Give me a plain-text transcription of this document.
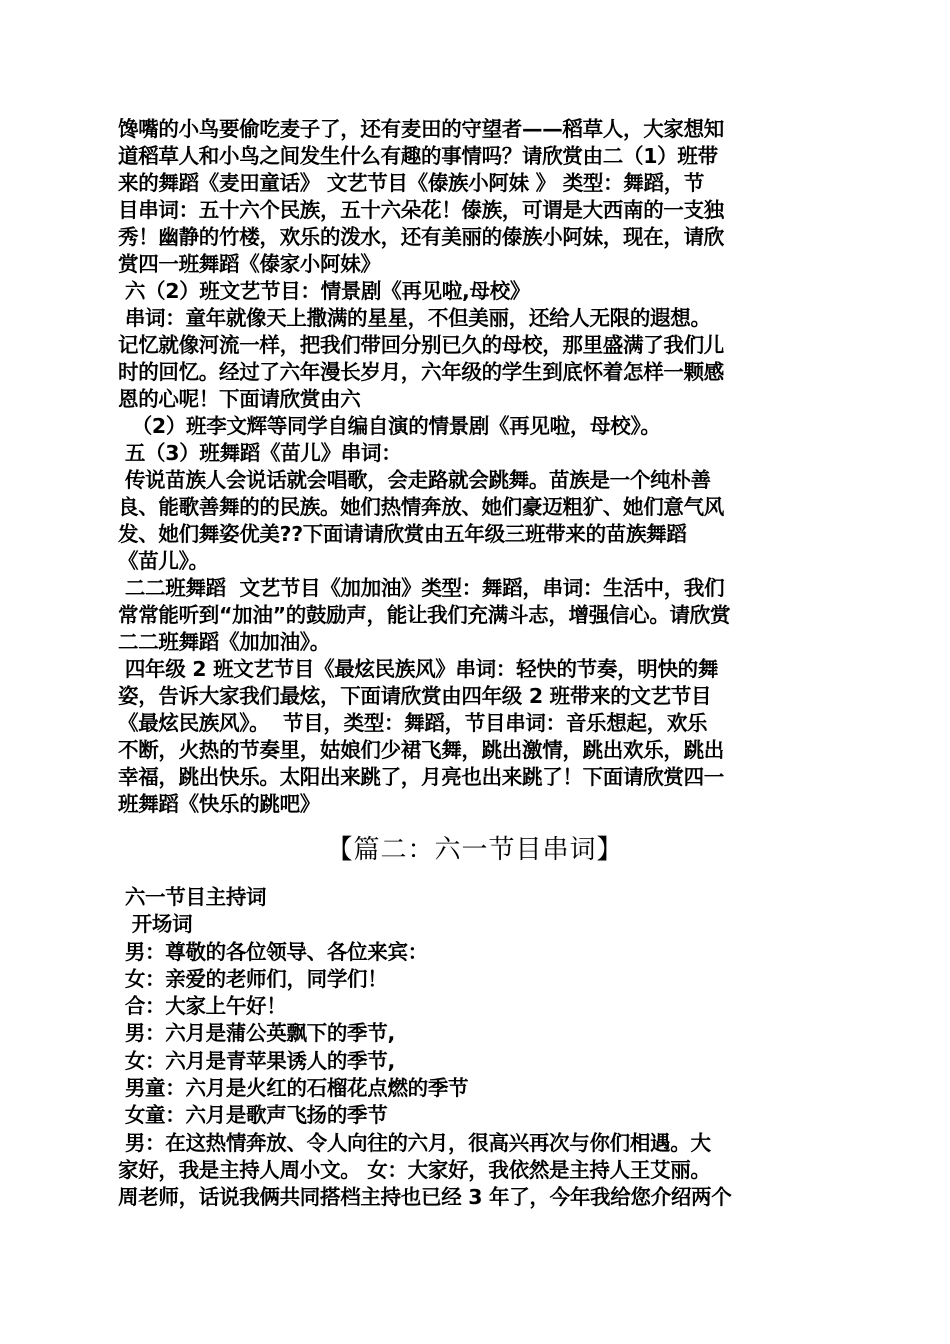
馋嘴的小鸟要偷吃麦子了，还有麦田的守望者——稻草人，大家想知
道稻草人和小鸟之间发生什么有趣的事情吗？请欣赏由二（1）班带
来的舞蹈《麦田童话》 文艺节目《傣族小阿妹 》 类型：舞蹈，节
目串词：五十六个民族，五十六朵花！傣族，可谓是大西南的一支独
秀！幽静的竹楼，欢乐的泼水，还有美丽的傣族小阿妹，现在，请欣
赏四一班舞蹈《傣家小阿妹》
六（2）班文艺节目：情景剧《再见啦,母校》
串词：童年就像天上撒满的星星，不但美丽，还给人无限的遐想。
记忆就像河流一样，把我们带回分别已久的母校，那里盛满了我们儿
时的回忆。经过了六年漫长岁月，六年级的学生到底怀着怎样一颗感
恩的心呢！下面请欣赏由六
（2）班李文辉等同学自编自演的情景剧《再见啦，母校》。
五（3）班舞蹈《苗儿》串词：
传说苗族人会说话就会唱歌，会走路就会跳舞。苗族是一个纯朴善
良、能歌善舞的的民族。她们热情奔放、她们豪迈粗犷、她们意气风
发、她们舞姿优美??下面请请欣赏由五年级三班带来的苗族舞蹈
《苗儿》。
二二班舞蹈  文艺节目《加加油》类型：舞蹈，串词：生活中，我们
常常能听到“加油”的鼓励声，能让我们充满斗志，增强信心。请欣赏
二二班舞蹈《加加油》。
四年级 2 班文艺节目《最炫民族风》串词：轻快的节奏，明快的舞
姿，告诉大家我们最炫，下面请欣赏由四年级 2 班带来的文艺节目
《最炫民族风》。  节目，类型：舞蹈，节目串词：音乐想起，欢乐
不断，火热的节奏里，姑娘们少裙飞舞，跳出激情，跳出欢乐，跳出
幸福，跳出快乐。太阳出来跳了，月亮也出来跳了！下面请欣赏四一
班舞蹈《快乐的跳吧》
【篇二：六一节目串词】
六一节目主持词
开场词
男：尊敬的各位领导、各位来宾：
女：亲爱的老师们，同学们！
合：大家上午好！
男：六月是蒲公英飘下的季节,
女：六月是青苹果诱人的季节,
男童：六月是火红的石榴花点燃的季节
女童：六月是歌声飞扬的季节
男：在这热情奔放、令人向往的六月，很高兴再次与你们相遇。大
家好，我是主持人周小文。 女：大家好，我依然是主持人王艾丽。
周老师，话说我俩共同搭档主持也已经 3 年了，今年我给您介绍两个
